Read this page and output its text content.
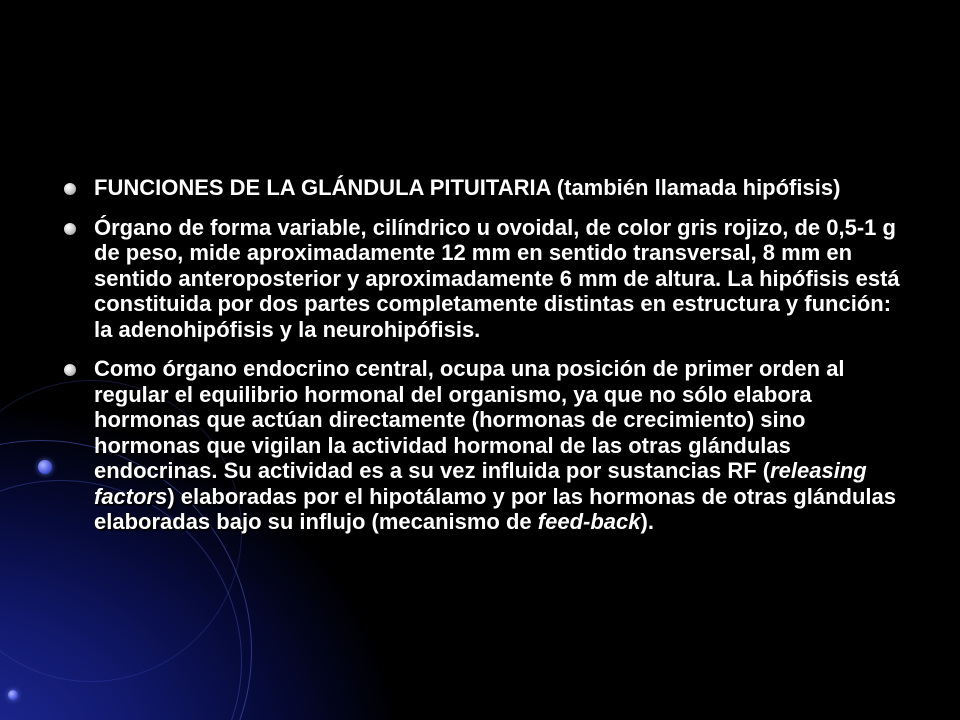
FUNCIONES DE LA GLÁNDULA PITUITARIA (también llamada hipófisis)

Órgano de forma variable, cilíndrico u ovoidal, de color gris rojizo, de 0,5-1 g de peso, mide aproximadamente 12 mm en sentido transversal, 8 mm en sentido anteroposterior y aproximadamente 6 mm de altura. La hipófisis está constituida por dos partes completamente distintas en estructura y función: la adenohipófisis y la neurohipófisis.

Como órgano endocrino central, ocupa una posición de primer orden al regular el equilibrio hormonal del organismo, ya que no sólo elabora hormonas que actúan directamente (hormonas de crecimiento) sino hormonas que vigilan la actividad hormonal de las otras glándulas endocrinas. Su actividad es a su vez influida por sustancias RF (releasing factors) elaboradas por el hipotálamo y por las hormonas de otras glándulas elaboradas bajo su influjo (mecanismo de feed-back).
